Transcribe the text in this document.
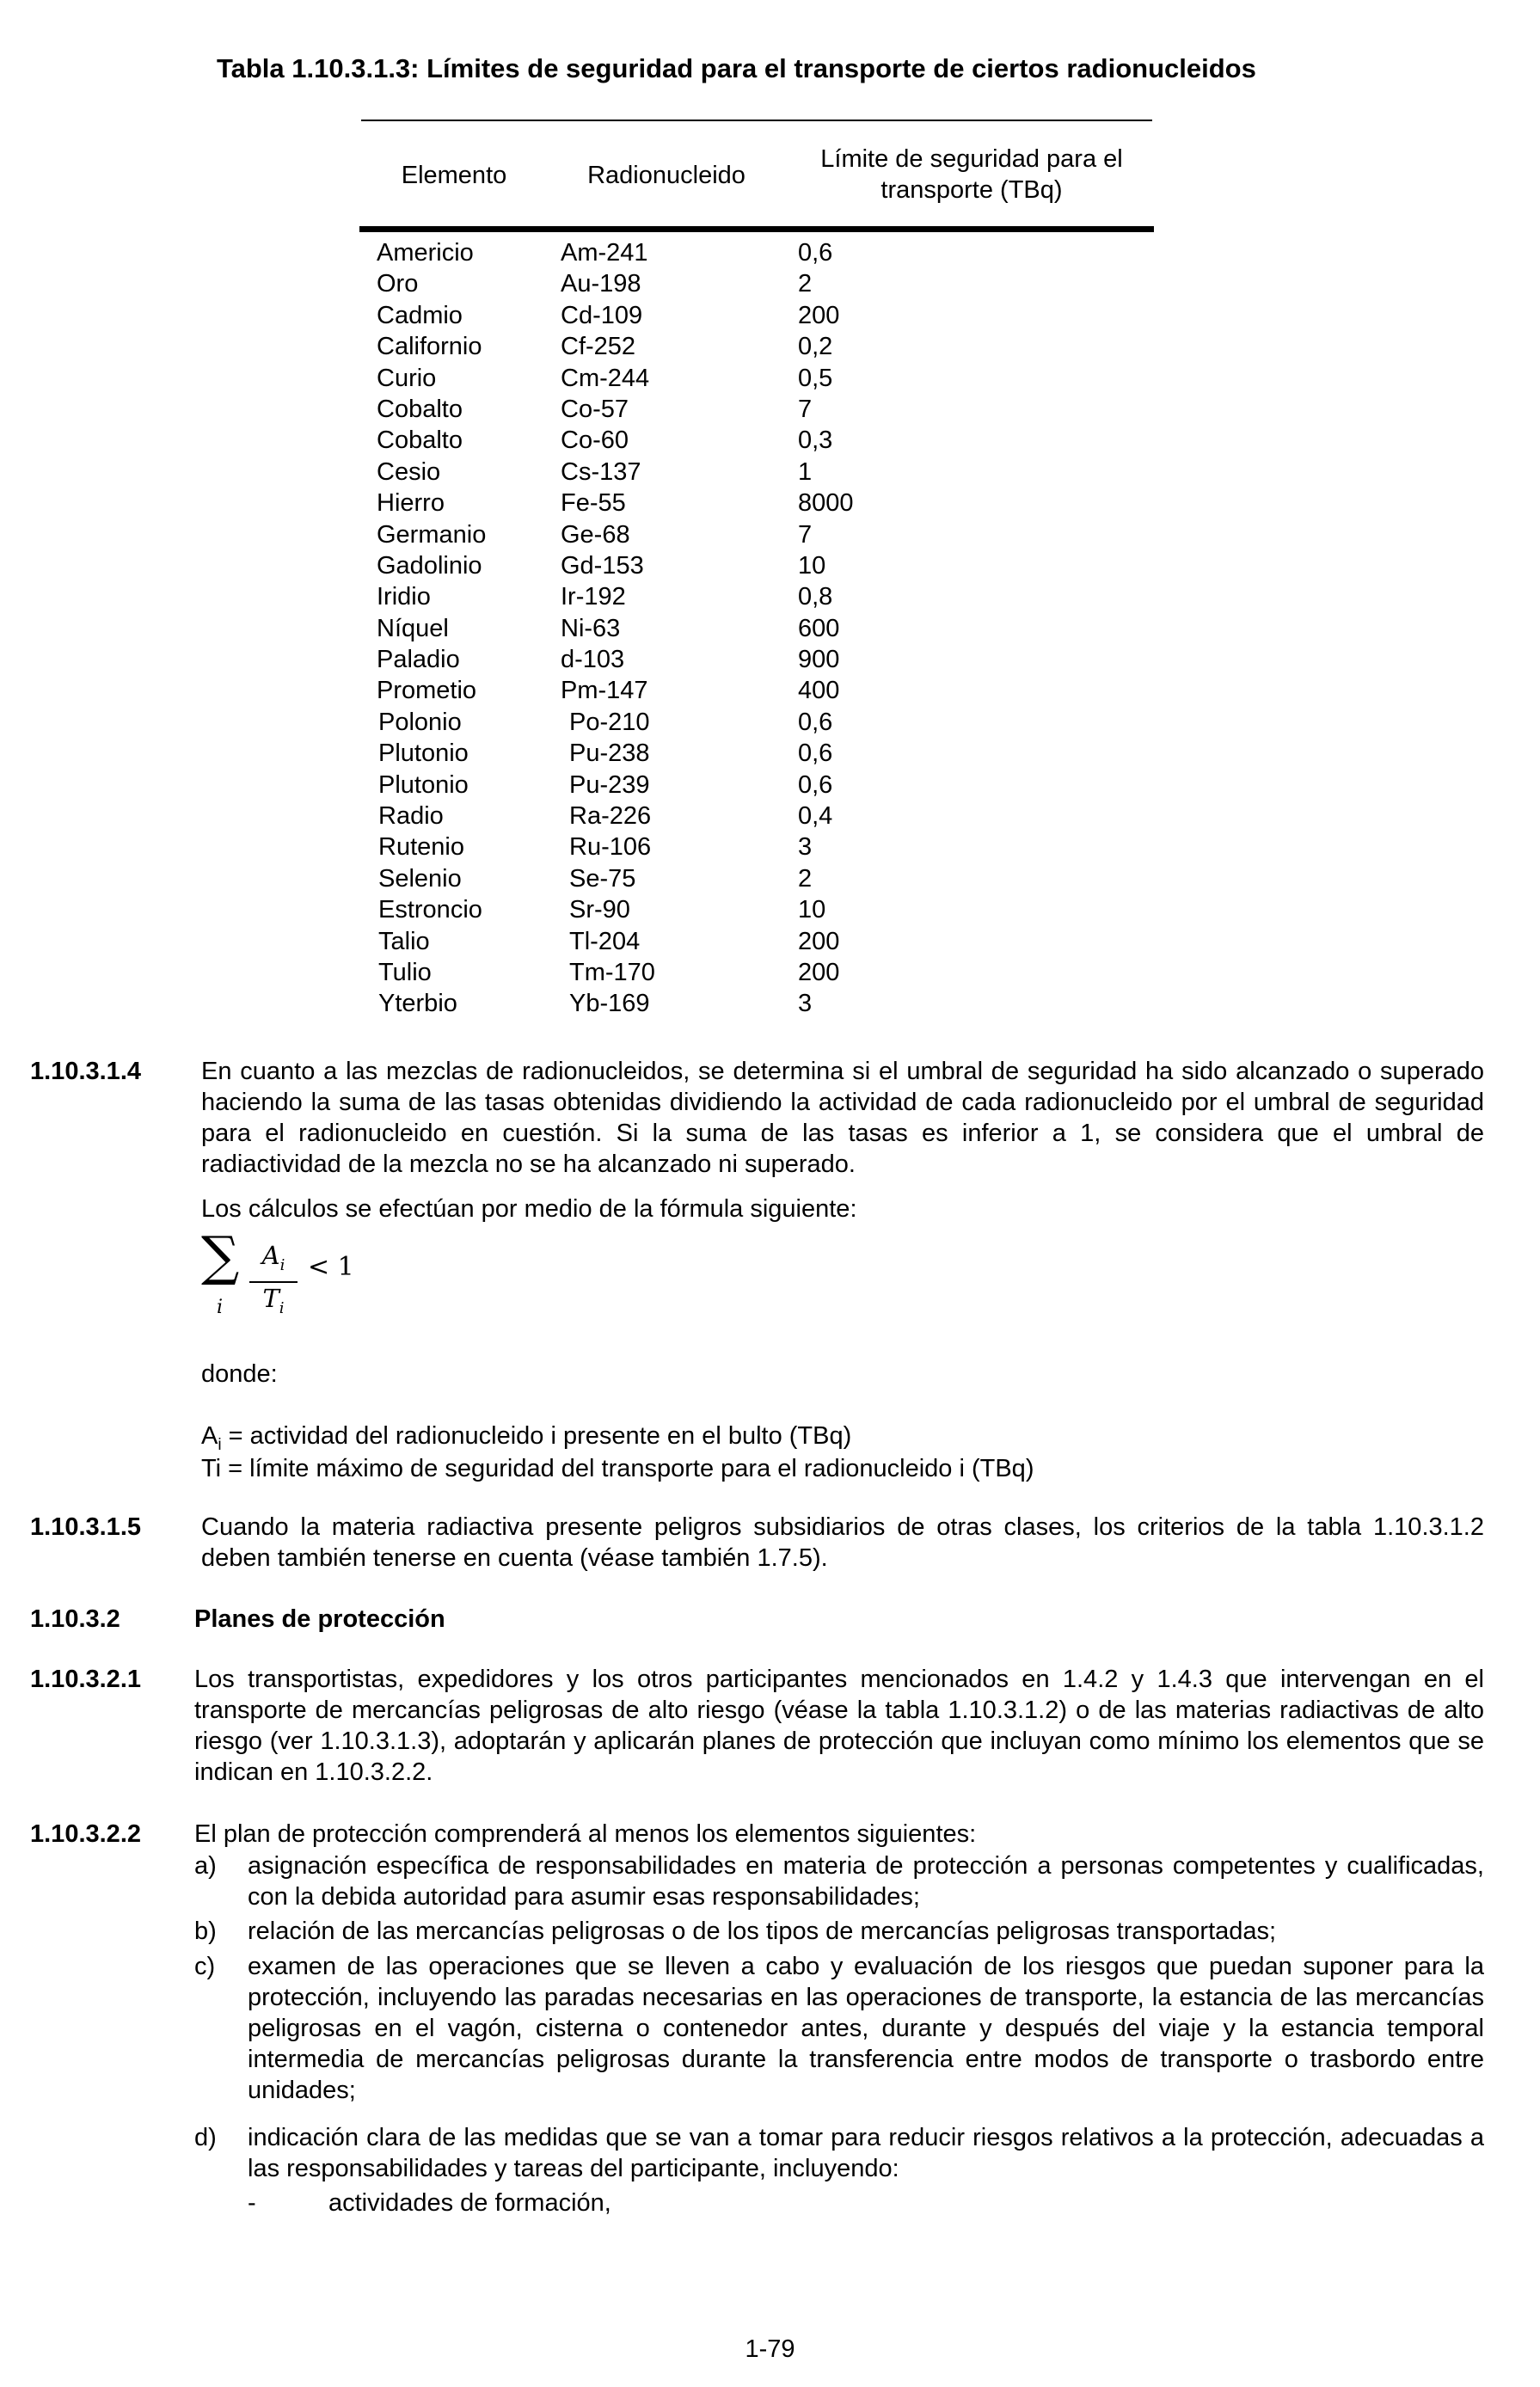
Tabla 1.10.3.1.3: Límites de seguridad para el transporte de ciertos radionucleidos
Elemento	Radionucleido
Límite de seguridad para el transporte (TBq)
Americio	Am-241	0,6
Oro	Au-198	2
Cadmio	Cd-109	200
Californio	Cf-252	0,2
Curio	Cm-244	0,5
Cobalto	Co-57	7
Cobalto	Co-60	0,3
Cesio	Cs-137	1
Hierro	Fe-55	8000
Germanio	Ge-68	7
Gadolinio	Gd-153	10
Iridio	Ir-192	0,8
Níquel	Ni-63	600
Paladio	d-103	900
Prometio	Pm-147	400
Polonio	Po-210	0,6
Plutonio	Pu-238	0,6
Plutonio	Pu-239	0,6
Radio	Ra-226	0,4
Rutenio	Ru-106	3
Selenio	Se-75	2
Estroncio	Sr-90	10
Talio	Tl-204	200
Tulio	Tm-170	200
Yterbio	Yb-169	3
1.10.3.1.4 En cuanto a las mezclas de radionucleidos, se determina si el umbral de seguridad ha sido alcanzado o superado haciendo la suma de las tasas obtenidas dividiendo la actividad de cada radionucleido por el umbral de seguridad para el radionucleido en cuestión. Si la suma de las tasas es inferior a 1, se considera que el umbral de radiactividad de la mezcla no se ha alcanzado ni superado.
Los cálculos se efectúan por medio de la fórmula siguiente:
∑
i
$A_i$
$T_i$
< 1
donde:
$A_i$ = actividad del radionucleido i presente en el bulto (TBq)
Ti = límite máximo de seguridad del transporte para el radionucleido i (TBq)
1.10.3.1.5 Cuando la materia radiactiva presente peligros subsidiarios de otras clases, los criterios de la tabla 1.10.3.1.2 deben también tenerse en cuenta (véase también 1.7.5).
1.10.3.2	Planes de protección
1.10.3.2.1 Los transportistas, expedidores y los otros participantes mencionados en 1.4.2 y 1.4.3 que intervengan en el transporte de mercancías peligrosas de alto riesgo (véase la tabla 1.10.3.1.2) o de las materias radiactivas de alto riesgo (ver 1.10.3.1.3), adoptarán y aplicarán planes de protección que incluyan como mínimo los elementos que se indican en 1.10.3.2.2.
1.10.3.2.2 El plan de protección comprenderá al menos los elementos siguientes:
a) asignación específica de responsabilidades en materia de protección a personas competentes y cualificadas, con la debida autoridad para asumir esas responsabilidades;
b) relación de las mercancías peligrosas o de los tipos de mercancías peligrosas transportadas;
c) examen de las operaciones que se lleven a cabo y evaluación de los riesgos que puedan suponer para la protección, incluyendo las paradas necesarias en las operaciones de transporte, la estancia de las mercancías peligrosas en el vagón, cisterna o contenedor antes, durante y después del viaje y la estancia temporal intermedia de mercancías peligrosas durante la transferencia entre modos de transporte o trasbordo entre unidades;
d) indicación clara de las medidas que se van a tomar para reducir riesgos relativos a la protección, adecuadas a las responsabilidades y tareas del participante, incluyendo:
-	actividades de formación,
1-79
